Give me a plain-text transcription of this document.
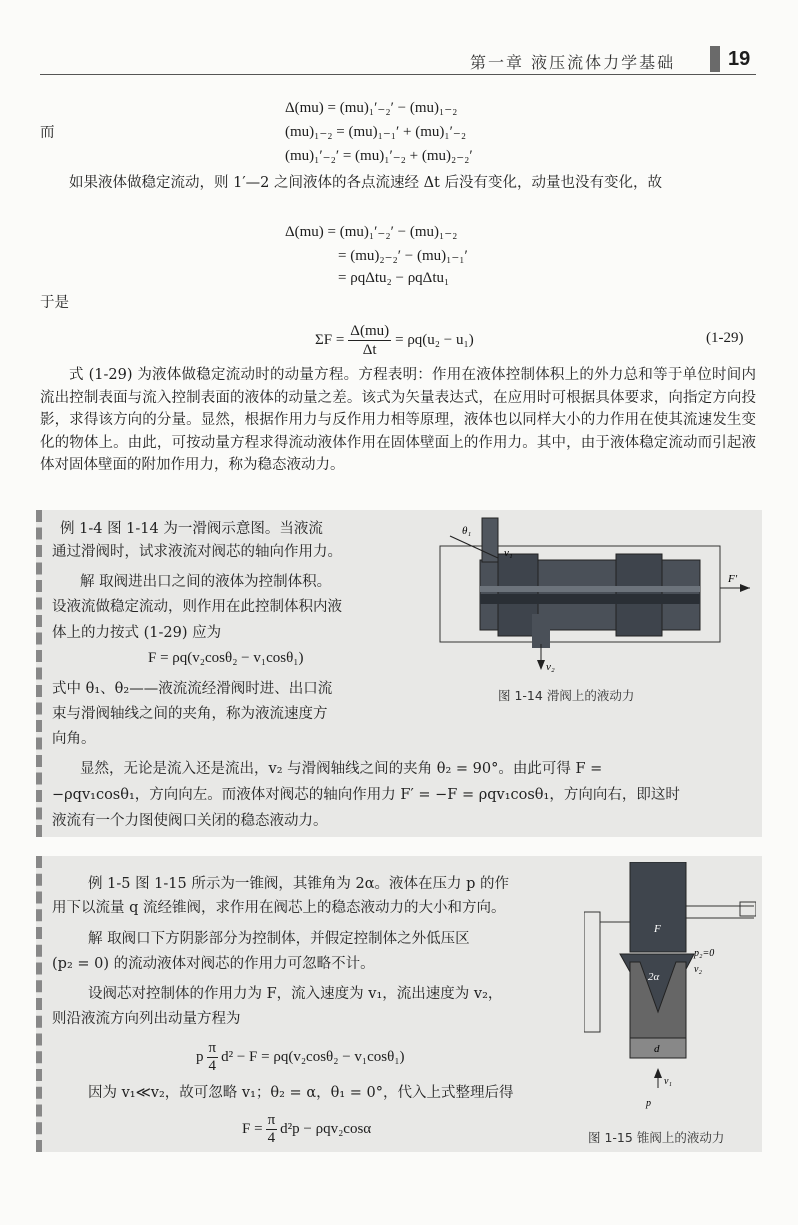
第一章 液压流体力学基础	19
Δ(mu) = (mu)₁′₋₂′ − (mu)₁₋₂
而	(mu)₁₋₂ = (mu)₁₋₁′ + (mu)₁′₋₂
(mu)₁′₋₂′ = (mu)₁′₋₂ + (mu)₂₋₂′
如果液体做稳定流动，则 1′—2 之间液体的各点流速经 Δt 后没有变化，动量也没有变化，故
Δ(mu) = (mu)₁′₋₂′ − (mu)₁₋₂
= (mu)₂₋₂′ − (mu)₁₋₁′
= ρqΔtu₂ − ρqΔtu₁
于是
$\Sigma F = \frac{\Delta(mu)}{\Delta t} = \rho q(u_2 - u_1)$	(1-29)
式 (1-29) 为液体做稳定流动时的动量方程。方程表明：作用在液体控制体积上的外力总和等于单位时间内流出控制表面与流入控制表面的液体的动量之差。该式为矢量表达式，在应用时可根据具体要求，向指定方向投影，求得该方向的分量。显然，根据作用力与反作用力相等原理，液体也以同样大小的力作用在使其流速发生变化的物体上。由此，可按动量方程求得流动液体作用在固体壁面上的作用力。其中，由于液体稳定流动而引起液体对固体壁面的附加作用力，称为稳态液动力。
例 1-4 图 1-14 为一滑阀示意图。当液流
通过滑阀时，试求液流对阀芯的轴向作用力。
解 取阀进出口之间的液体为控制体积。
设液流做稳定流动，则作用在此控制体积内液
体上的力按式 (1-29) 应为
F = ρq(v₂cosθ₂ − v₁cosθ₁)
式中 θ₁、θ₂——液流流经滑阀时进、出口流
束与滑阀轴线之间的夹角，称为液流速度方
向角。
显然，无论是流入还是流出，v₂ 与滑阀轴线之间的夹角 θ₂ = 90°。由此可得 F =
−ρqv₁cosθ₁，方向向左。而液体对阀芯的轴向作用力 F′ = −F = ρqv₁cosθ₁，方向向右，即这时
液流有一个力图使阀口关闭的稳态液动力。
θ₁
v₁
v₂
F′
图 1-14 滑阀上的液动力
例 1-5 图 1-15 所示为一锥阀，其锥角为 2α。液体在压力 p 的作
用下以流量 q 流经锥阀，求作用在阀芯上的稳态液动力的大小和方向。
解 取阀口下方阴影部分为控制体，并假定控制体之外低压区
(p₂ = 0) 的流动液体对阀芯的作用力可忽略不计。
设阀芯对控制体的作用力为 F，流入速度为 v₁，流出速度为 v₂，
则沿液流方向列出动量方程为
p $\frac{\pi}{4} d^2 - F = \rho q(v_2\cos\theta_2 - v_1\cos\theta_1)$
因为 v₁≪v₂，故可忽略 v₁；θ₂ = α，θ₁ = 0°，代入上式整理后得
$F = \frac{\pi}{4} d^2p - \rho qv_2\cos\alpha$
F
p₂=0
v₂
2α
d
v₁
p
图 1-15 锥阀上的液动力
